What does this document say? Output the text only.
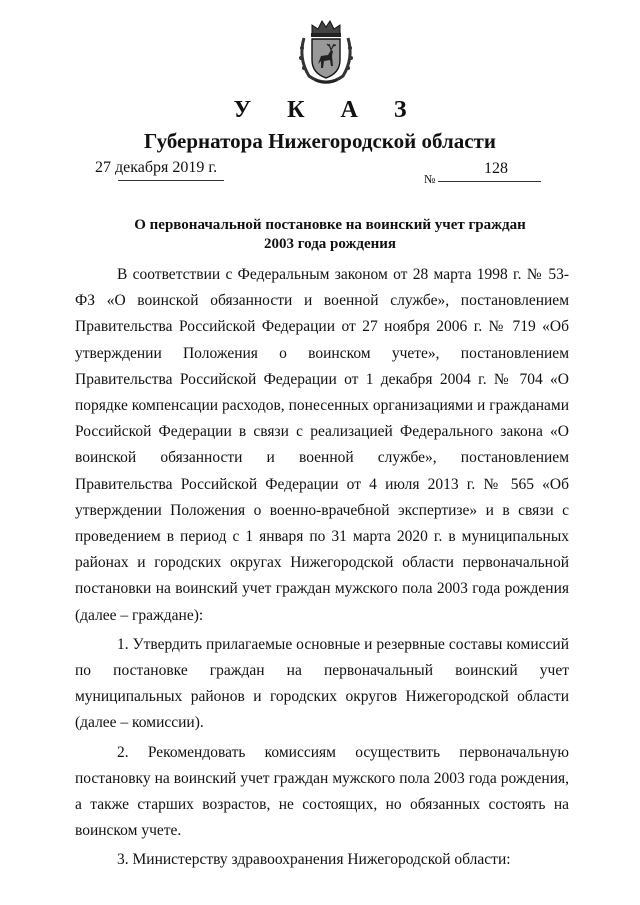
У К А З
Губернатора Нижегородской области
27 декабря 2019 г.
№
128
О первоначальной постановке на воинский учет граждан
2003 года рождения

В соответствии с Федеральным законом от 28 марта 1998 г. № 53-ФЗ «О воинской обязанности и военной службе», постановлением Правительства Российской Федерации от 27 ноября 2006 г. № 719 «Об утверждении Положения о воинском учете», постановлением Правительства Российской Федерации от 1 декабря 2004 г. № 704 «О порядке компенсации расходов, понесенных организациями и гражданами Российской Федерации в связи с реализацией Федерального закона «О воинской обязанности и военной службе», постановлением Правительства Российской Федерации от 4 июля 2013 г. № 565 «Об утверждении Положения о военно-врачебной экспертизе» и в связи с проведением в период с 1 января по 31 марта 2020 г. в муниципальных районах и городских округах Нижегородской области первоначальной постановки на воинский учет граждан мужского пола 2003 года рождения (далее – граждане):

1. Утвердить прилагаемые основные и резервные составы комиссий по постановке граждан на первоначальный воинский учет муниципальных районов и городских округов Нижегородской области (далее – комиссии).

2. Рекомендовать комиссиям осуществить первоначальную постановку на воинский учет граждан мужского пола 2003 года рождения, а также старших возрастов, не состоящих, но обязанных состоять на воинском учете.

3. Министерству здравоохранения Нижегородской области:
